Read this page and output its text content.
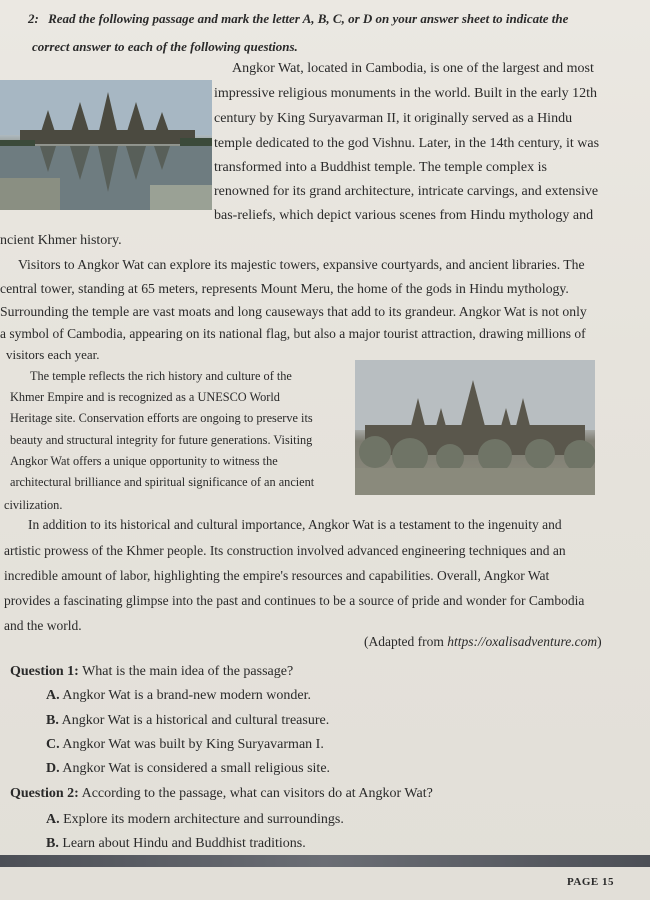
2: Read the following passage and mark the letter A, B, C, or D on your answer sheet to indicate the
correct answer to each of the following questions.
Angkor Wat, located in Cambodia, is one of the largest and most
impressive religious monuments in the world. Built in the early 12th
century by King Suryavarman II, it originally served as a Hindu
temple dedicated to the god Vishnu. Later, in the 14th century, it was
transformed into a Buddhist temple. The temple complex is
renowned for its grand architecture, intricate carvings, and extensive
bas-reliefs, which depict various scenes from Hindu mythology and
ncient Khmer history.
Visitors to Angkor Wat can explore its majestic towers, expansive courtyards, and ancient libraries. The
central tower, standing at 65 meters, represents Mount Meru, the home of the gods in Hindu mythology.
Surrounding the temple are vast moats and long causeways that add to its grandeur. Angkor Wat is not only
a symbol of Cambodia, appearing on its national flag, but also a major tourist attraction, drawing millions of
visitors each year.
The temple reflects the rich history and culture of the
Khmer Empire and is recognized as a UNESCO World
Heritage site. Conservation efforts are ongoing to preserve its
beauty and structural integrity for future generations. Visiting
Angkor Wat offers a unique opportunity to witness the
architectural brilliance and spiritual significance of an ancient
civilization.
In addition to its historical and cultural importance, Angkor Wat is a testament to the ingenuity and
artistic prowess of the Khmer people. Its construction involved advanced engineering techniques and an
incredible amount of labor, highlighting the empire's resources and capabilities. Overall, Angkor Wat
provides a fascinating glimpse into the past and continues to be a source of pride and wonder for Cambodia
and the world.
(Adapted from https://oxalisadventure.com)
Question 1: What is the main idea of the passage?
A. Angkor Wat is a brand-new modern wonder.
B. Angkor Wat is a historical and cultural treasure.
C. Angkor Wat was built by King Suryavarman I.
D. Angkor Wat is considered a small religious site.
Question 2: According to the passage, what can visitors do at Angkor Wat?
A. Explore its modern architecture and surroundings.
B. Learn about Hindu and Buddhist traditions.
PAGE 15
